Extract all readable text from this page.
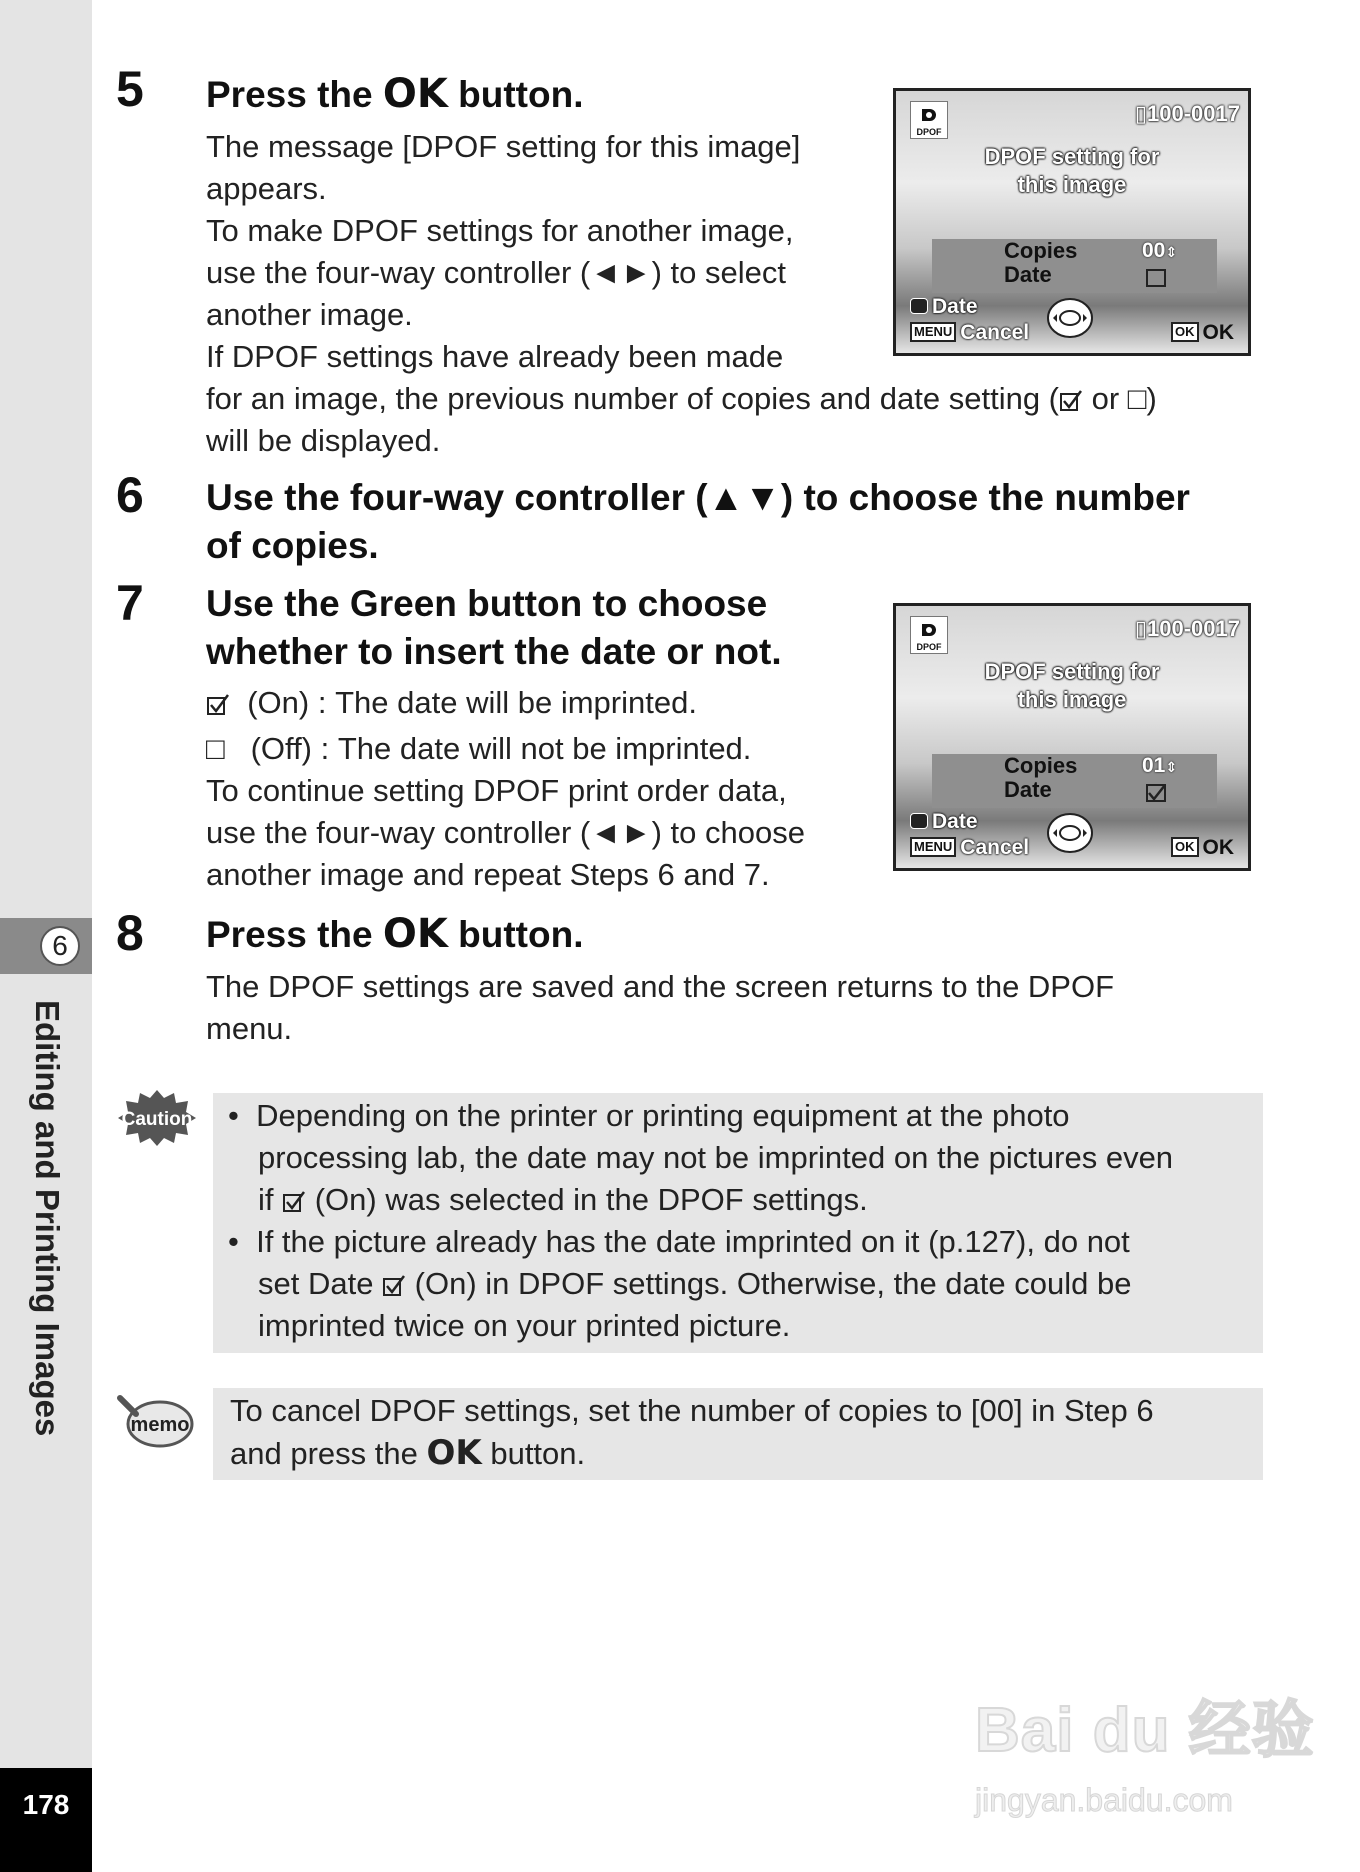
6
Editing and Printing Images
178
5 Press the OK button.
The message [DPOF setting for this image]
appears.
To make DPOF settings for another image,
use the four-way controller (◄►) to select
another image.
If DPOF settings have already been made
for an image, the previous number of copies and date setting ( or □)
will be displayed.
DPOF
▯100-0017
DPOF setting for
this image
Copies
Date
00⇕
Date
MENU Cancel	OK OK
6 Use the four-way controller (▲▼) to choose the number
of copies.
7 Use the Green button to choose
whether to insert the date or not.
(On) : The date will be imprinted.
□ (Off) : The date will not be imprinted.
To continue setting DPOF print order data,
use the four-way controller (◄►) to choose
another image and repeat Steps 6 and 7.
DPOF
▯100-0017
DPOF setting for
this image
Copies
Date
01⇕
Date
MENU Cancel	OK OK
8 Press the OK button.
The DPOF settings are saved and the screen returns to the DPOF
menu.
Caution •  Depending on the printer or printing equipment at the photo
processing lab, the date may not be imprinted on the pictures even
if  (On) was selected in the DPOF settings.
•  If the picture already has the date imprinted on it (p.127), do not
set Date  (On) in DPOF settings. Otherwise, the date could be
imprinted twice on your printed picture.
memo To cancel DPOF settings, set the number of copies to [00] in Step 6
and press the OK button.
Bai du 经验
jingyan.baidu.com
